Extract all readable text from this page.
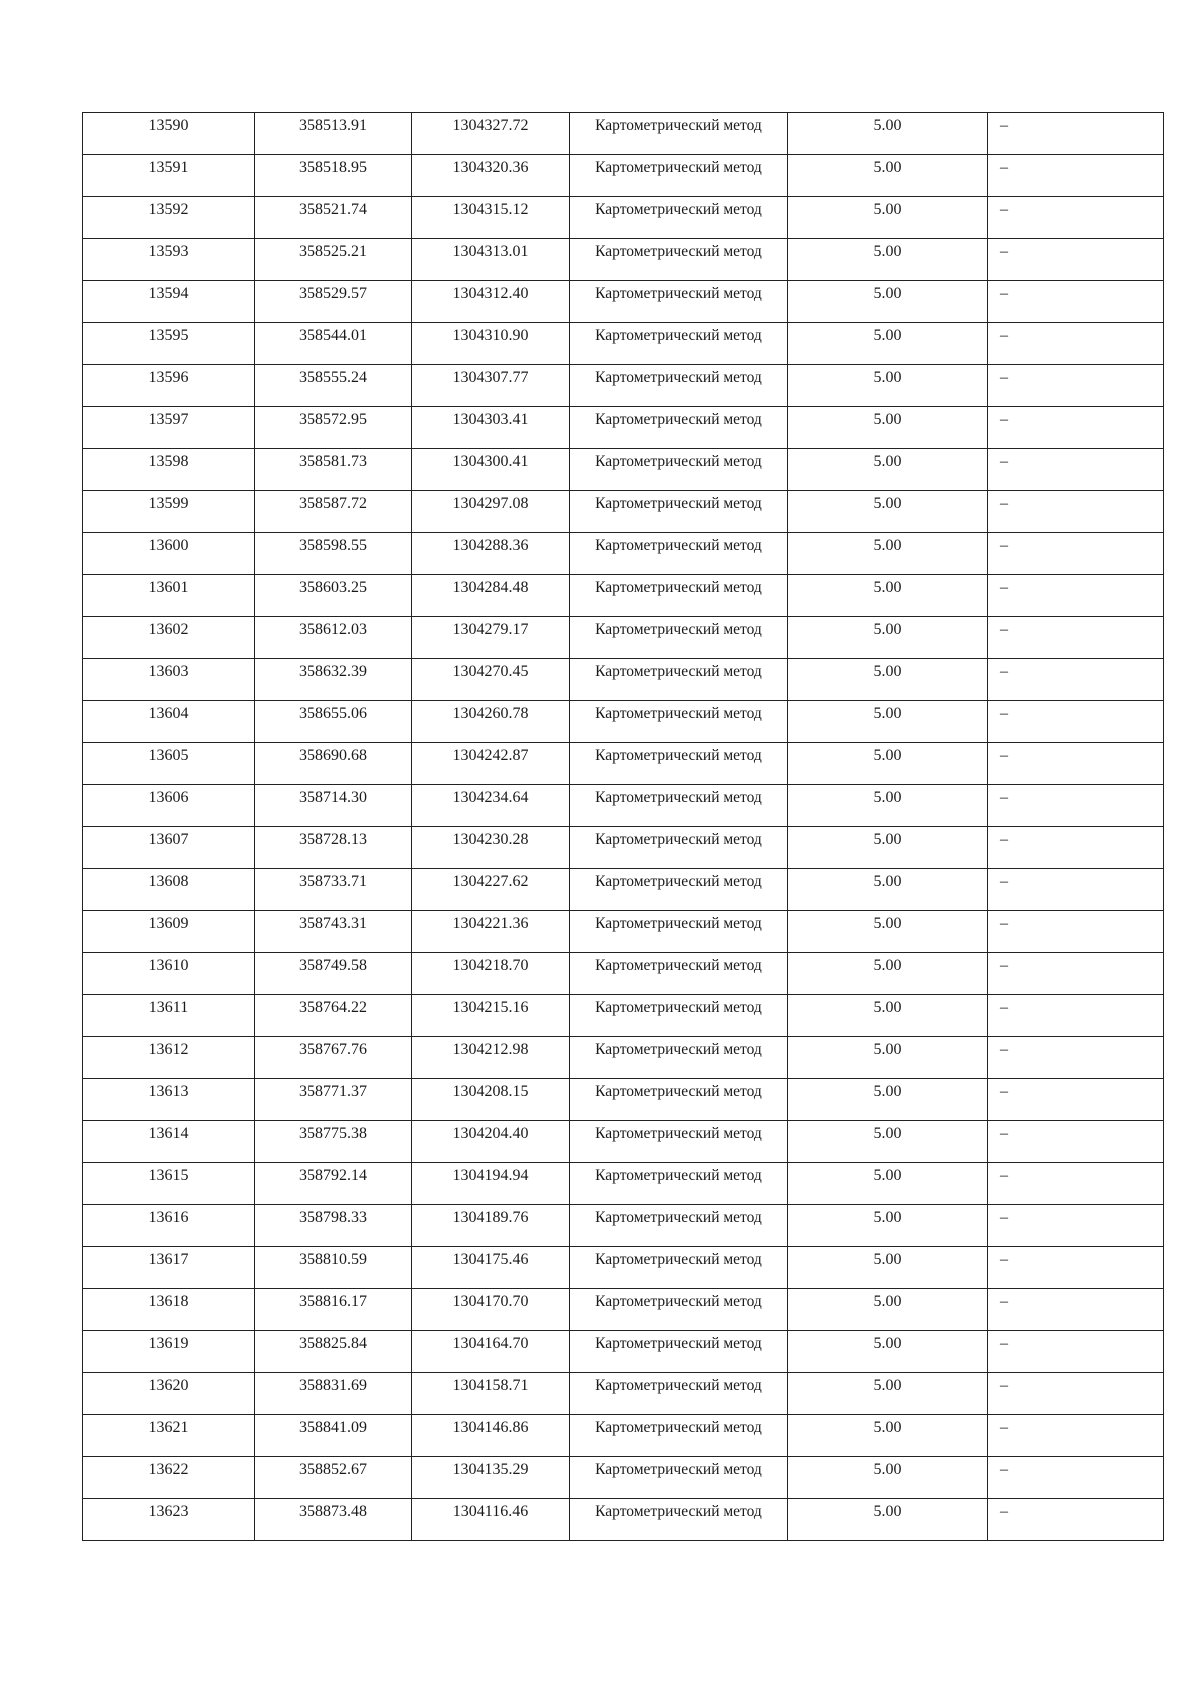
13590	358513.91	1304327.72	Картометрический метод	5.00	–
13591	358518.95	1304320.36	Картометрический метод	5.00	–
13592	358521.74	1304315.12	Картометрический метод	5.00	–
13593	358525.21	1304313.01	Картометрический метод	5.00	–
13594	358529.57	1304312.40	Картометрический метод	5.00	–
13595	358544.01	1304310.90	Картометрический метод	5.00	–
13596	358555.24	1304307.77	Картометрический метод	5.00	–
13597	358572.95	1304303.41	Картометрический метод	5.00	–
13598	358581.73	1304300.41	Картометрический метод	5.00	–
13599	358587.72	1304297.08	Картометрический метод	5.00	–
13600	358598.55	1304288.36	Картометрический метод	5.00	–
13601	358603.25	1304284.48	Картометрический метод	5.00	–
13602	358612.03	1304279.17	Картометрический метод	5.00	–
13603	358632.39	1304270.45	Картометрический метод	5.00	–
13604	358655.06	1304260.78	Картометрический метод	5.00	–
13605	358690.68	1304242.87	Картометрический метод	5.00	–
13606	358714.30	1304234.64	Картометрический метод	5.00	–
13607	358728.13	1304230.28	Картометрический метод	5.00	–
13608	358733.71	1304227.62	Картометрический метод	5.00	–
13609	358743.31	1304221.36	Картометрический метод	5.00	–
13610	358749.58	1304218.70	Картометрический метод	5.00	–
13611	358764.22	1304215.16	Картометрический метод	5.00	–
13612	358767.76	1304212.98	Картометрический метод	5.00	–
13613	358771.37	1304208.15	Картометрический метод	5.00	–
13614	358775.38	1304204.40	Картометрический метод	5.00	–
13615	358792.14	1304194.94	Картометрический метод	5.00	–
13616	358798.33	1304189.76	Картометрический метод	5.00	–
13617	358810.59	1304175.46	Картометрический метод	5.00	–
13618	358816.17	1304170.70	Картометрический метод	5.00	–
13619	358825.84	1304164.70	Картометрический метод	5.00	–
13620	358831.69	1304158.71	Картометрический метод	5.00	–
13621	358841.09	1304146.86	Картометрический метод	5.00	–
13622	358852.67	1304135.29	Картометрический метод	5.00	–
13623	358873.48	1304116.46	Картометрический метод	5.00	–
